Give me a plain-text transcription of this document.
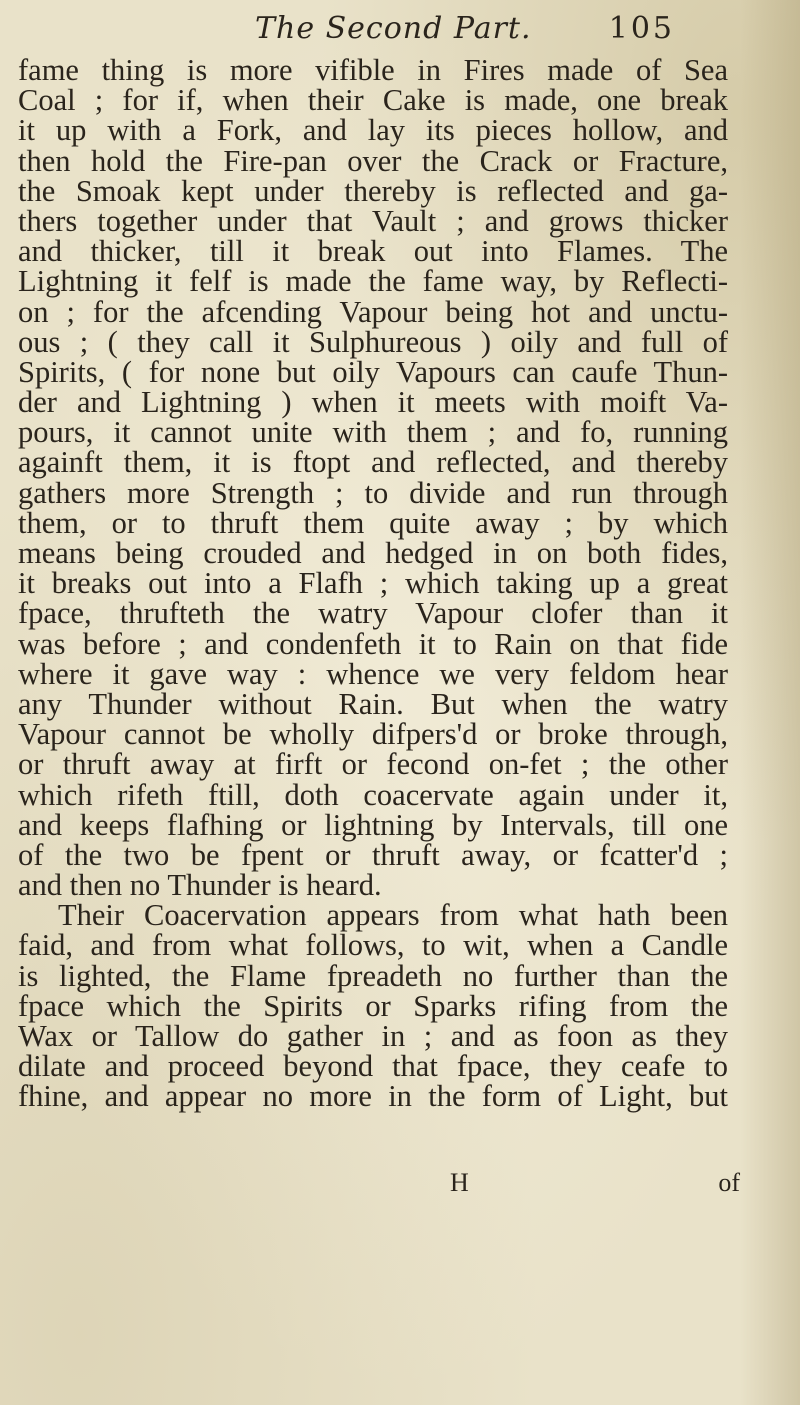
The Second Part.	105
fame thing is more vifible in Fires made of Sea
Coal ; for if, when their Cake is made, one break
it up with a Fork, and lay its pieces hollow, and
then hold the Fire-pan over the Crack or Fracture,
the Smoak kept under thereby is reflected and ga-
thers together under that Vault ; and grows thicker
and thicker, till it break out into Flames. The
Lightning it felf is made the fame way, by Reflecti-
on ; for the afcending Vapour being hot and unctu-
ous ; ( they call it Sulphureous ) oily and full of
Spirits, ( for none but oily Vapours can caufe Thun-
der and Lightning ) when it meets with moift Va-
pours, it cannot unite with them ; and fo, running
againft them, it is ftopt and reflected, and thereby
gathers more Strength ; to divide and run through
them, or to thruft them quite away ; by which
means being crouded and hedged in on both fides,
it breaks out into a Flafh ; which taking up a great
fpace, thrufteth the watry Vapour clofer than it
was before ; and condenfeth it to Rain on that fide
where it gave way : whence we very feldom hear
any Thunder without Rain. But when the watry
Vapour cannot be wholly difpers'd or broke through,
or thruft away at firft or fecond on-fet ; the other
which rifeth ftill, doth coacervate again under it,
and keeps flafhing or lightning by Intervals, till one
of the two be fpent or thruft away, or fcatter'd ;
and then no Thunder is heard.
Their Coacervation appears from what hath been
faid, and from what follows, to wit, when a Candle
is lighted, the Flame fpreadeth no further than the
fpace which the Spirits or Sparks rifing from the
Wax or Tallow do gather in ; and as foon as they
dilate and proceed beyond that fpace, they ceafe to
fhine, and appear no more in the form of Light, but
H	of
